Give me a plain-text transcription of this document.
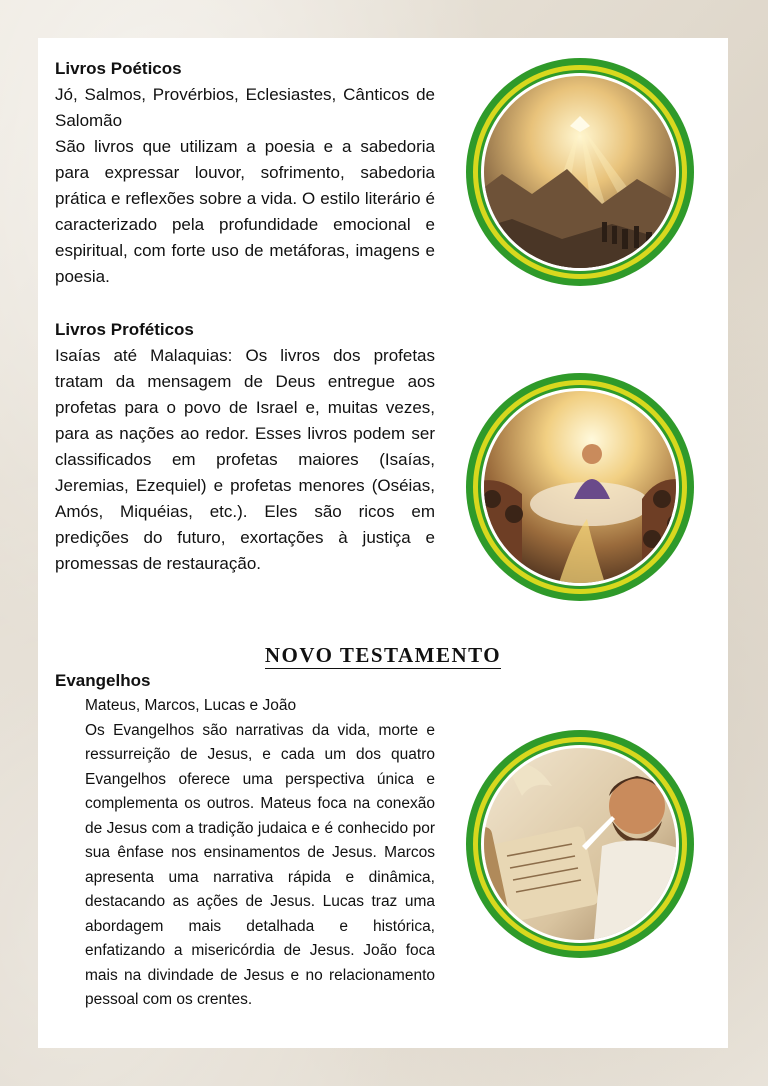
Livros Poéticos
Jó, Salmos, Provérbios, Eclesiastes, Cânticos de Salomão
São livros que utilizam a poesia e a sabedoria para expressar louvor, sofrimento, sabedoria prática e reflexões sobre a vida. O estilo literário é caracterizado pela profundidade emocional e espiritual, com forte uso de metáforas, imagens e poesia.
Livros Proféticos
Isaías até Malaquias: Os livros dos profetas tratam da mensagem de Deus entregue aos profetas para o povo de Israel e, muitas vezes, para as nações ao redor. Esses livros podem ser classificados em profetas maiores (Isaías, Jeremias, Ezequiel) e profetas menores (Oséias, Amós, Miquéias, etc.). Eles são ricos em predições do futuro, exortações à justiça e promessas de restauração.
NOVO TESTAMENTO
Evangelhos
Mateus, Marcos, Lucas e João
Os Evangelhos são narrativas da vida, morte e ressurreição de Jesus, e cada um dos quatro Evangelhos oferece uma perspectiva única e complementa os outros. Mateus foca na conexão de Jesus com a tradição judaica e é conhecido por sua ênfase nos ensinamentos de Jesus. Marcos apresenta uma narrativa rápida e dinâmica, destacando as ações de Jesus. Lucas traz uma abordagem mais detalhada e histórica, enfatizando a misericórdia de Jesus. João foca mais na divindade de Jesus e no relacionamento pessoal com os crentes.
